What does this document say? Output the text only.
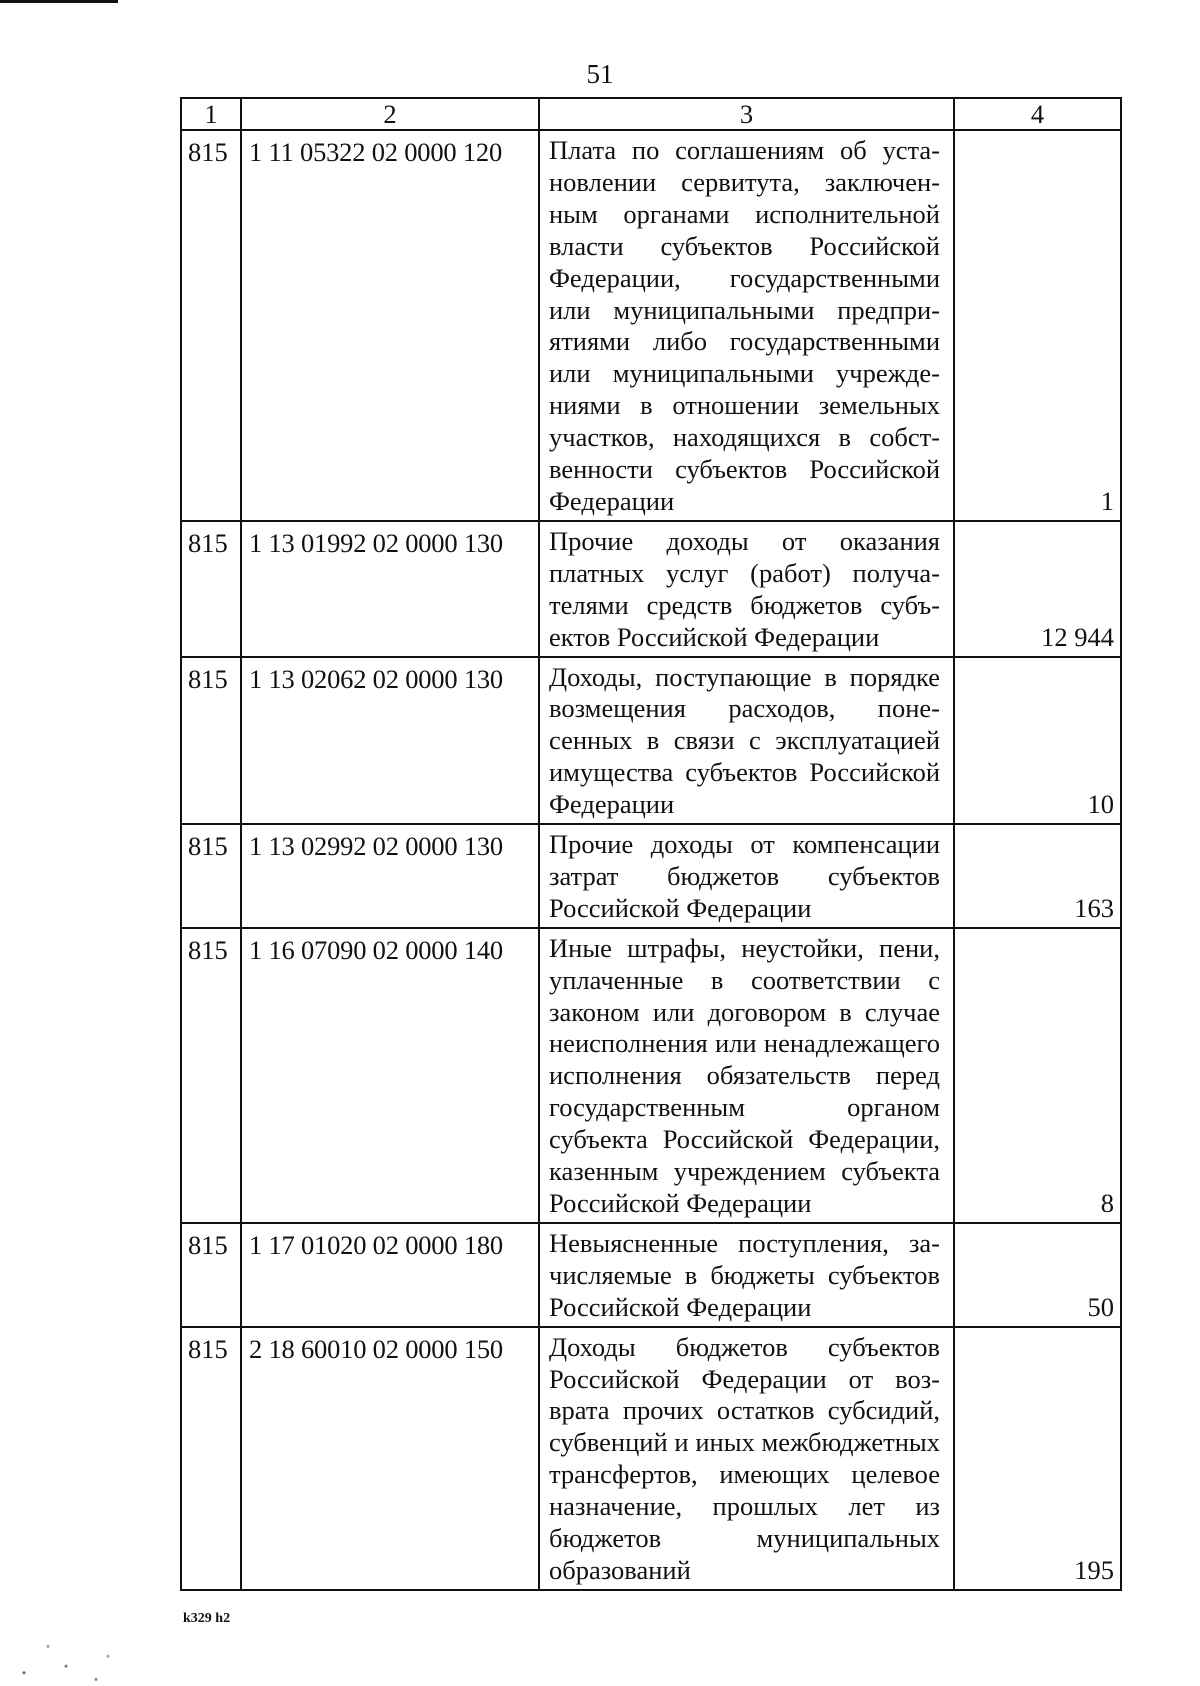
51
1	2	3	4
815	1 11 05322 02 0000 120	Плата по соглашениям об установлении сервитута, заключенным органами исполнительной власти субъектов Российской Федерации, государственными или муниципальными предприятиями либо государственными или муниципальными учреждениями в отношении земельных участков, находящихся в собственности субъектов Российской Федерации	1
815	1 13 01992 02 0000 130	Прочие доходы от оказания платных услуг (работ) получателями средств бюджетов субъектов Российской Федерации	12 944
815	1 13 02062 02 0000 130	Доходы, поступающие в порядке возмещения расходов, понесенных в связи с эксплуатацией имущества субъектов Российской Федерации	10
815	1 13 02992 02 0000 130	Прочие доходы от компенсации затрат бюджетов субъектов Российской Федерации	163
815	1 16 07090 02 0000 140	Иные штрафы, неустойки, пени, уплаченные в соответствии с законом или договором в случае неисполнения или ненадлежащего исполнения обязательств перед государственным органом субъекта Российской Федерации, казенным учреждением субъекта Российской Федерации	8
815	1 17 01020 02 0000 180	Невыясненные поступления, зачисляемые в бюджеты субъектов Российской Федерации	50
815	2 18 60010 02 0000 150	Доходы бюджетов субъектов Российской Федерации от возврата прочих остатков субсидий, субвенций и иных межбюджетных трансфертов, имеющих целевое назначение, прошлых лет из бюджетов муниципальных образований	195
k329 h2
